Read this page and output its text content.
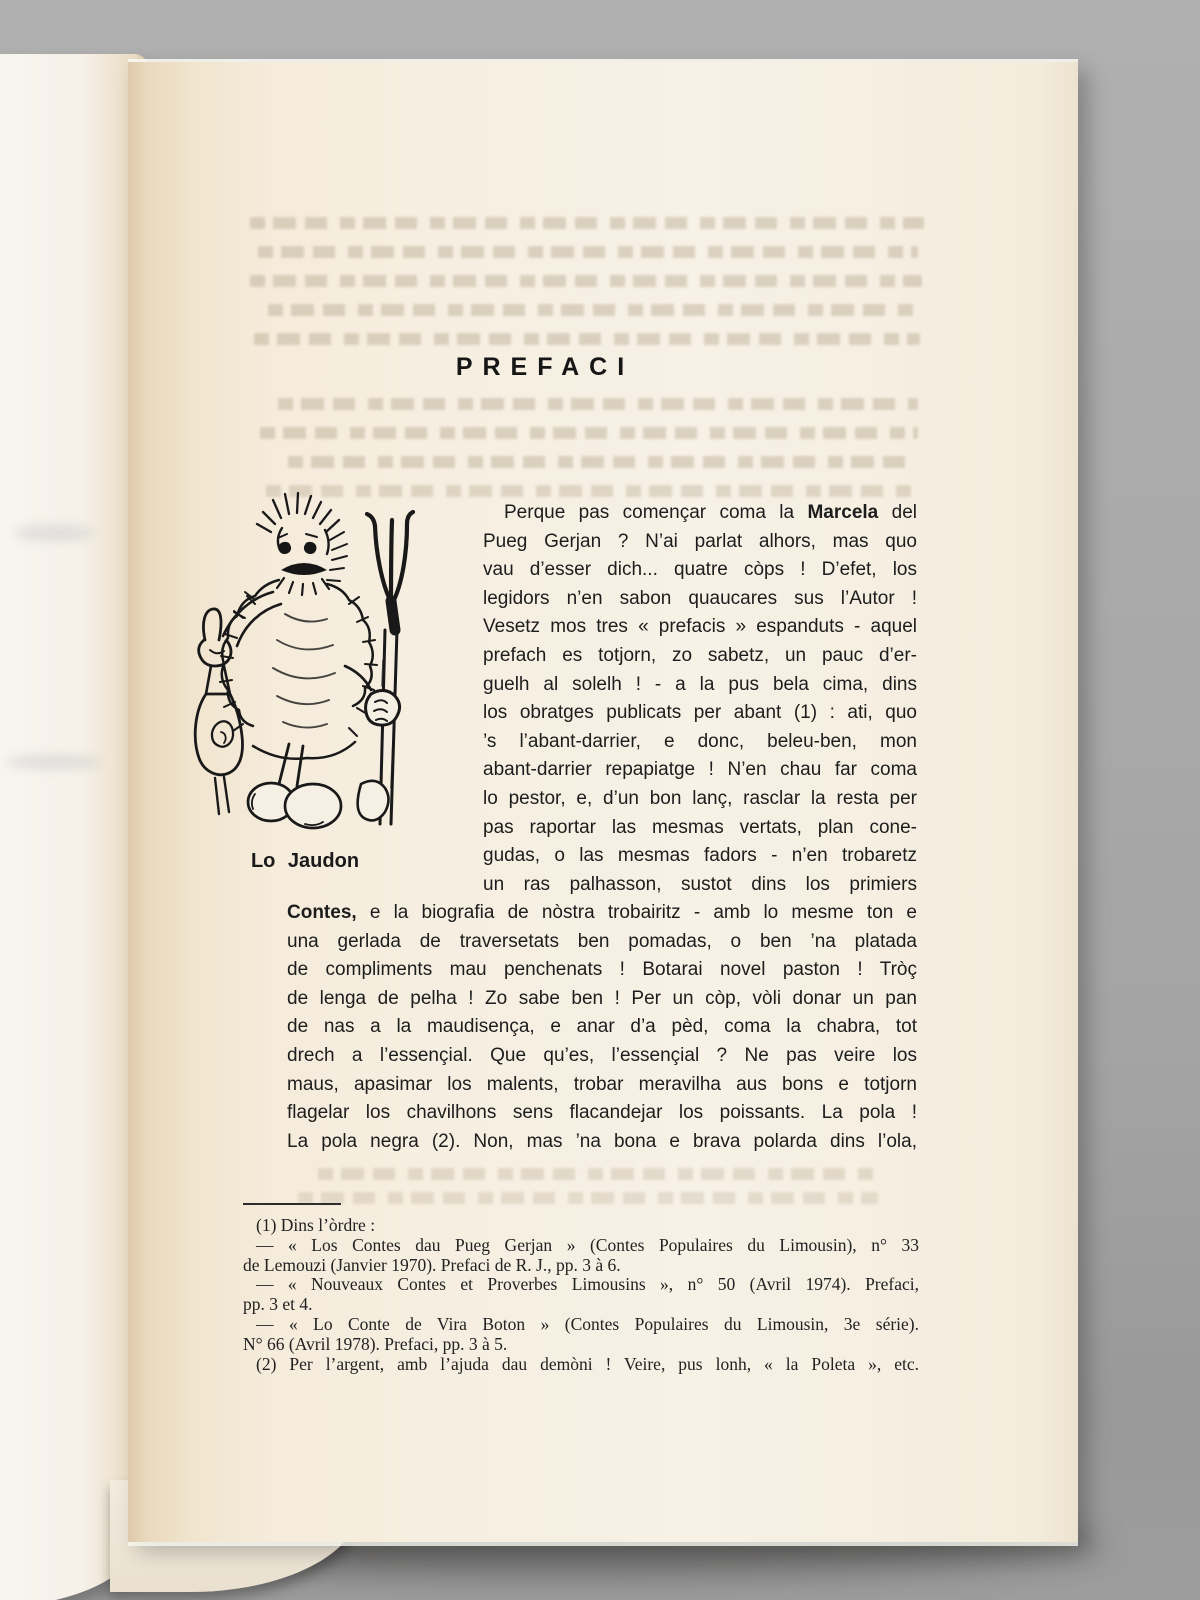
PREFACI
Lo Jaudon
Perque pas començar coma la Marcela del
Pueg Gerjan ? N’ai parlat alhors, mas quo
vau d’esser dich... quatre còps ! D’efet, los
legidors n’en sabon quaucares sus l’Autor !
Vesetz mos tres « prefacis » espanduts - aquel
prefach es totjorn, zo sabetz, un pauc d’er-
guelh al solelh ! - a la pus bela cima, dins
los obratges publicats per abant (1) : ati, quo
’s l’abant-darrier, e donc, beleu-ben, mon
abant-darrier repapiatge ! N’en chau far coma
lo pestor, e, d’un bon lanç, rasclar la resta per
pas raportar las mesmas vertats, plan cone-
gudas, o las mesmas fadors - n’en trobaretz
un ras palhasson, sustot dins los primiers
Contes, e la biografia de nòstra trobairitz - amb lo mesme ton e
una gerlada de traversetats ben pomadas, o ben ’na platada
de compliments mau penchenats ! Botarai novel paston ! Tròç
de lenga de pelha ! Zo sabe ben ! Per un còp, vòli donar un pan
de nas a la maudisença, e anar d’a pèd, coma la chabra, tot
drech a l’essençial. Que qu’es, l’essençial ? Ne pas veire los
maus, apasimar los malents, trobar meravilha aus bons e totjorn
flagelar los chavilhons sens flacandejar los poissants. La pola !
La pola negra (2). Non, mas ’na bona e brava polarda dins l’ola,
(1) Dins l’òrdre :
— « Los Contes dau Pueg Gerjan » (Contes Populaires du Limousin), n° 33
de Lemouzi (Janvier 1970). Prefaci de R. J., pp. 3 à 6.
— « Nouveaux Contes et Proverbes Limousins », n° 50 (Avril 1974). Prefaci,
pp. 3 et 4.
— « Lo Conte de Vira Boton » (Contes Populaires du Limousin, 3e série).
N° 66 (Avril 1978). Prefaci, pp. 3 à 5.
(2) Per l’argent, amb l’ajuda dau demòni ! Veire, pus lonh, « la Poleta », etc.
